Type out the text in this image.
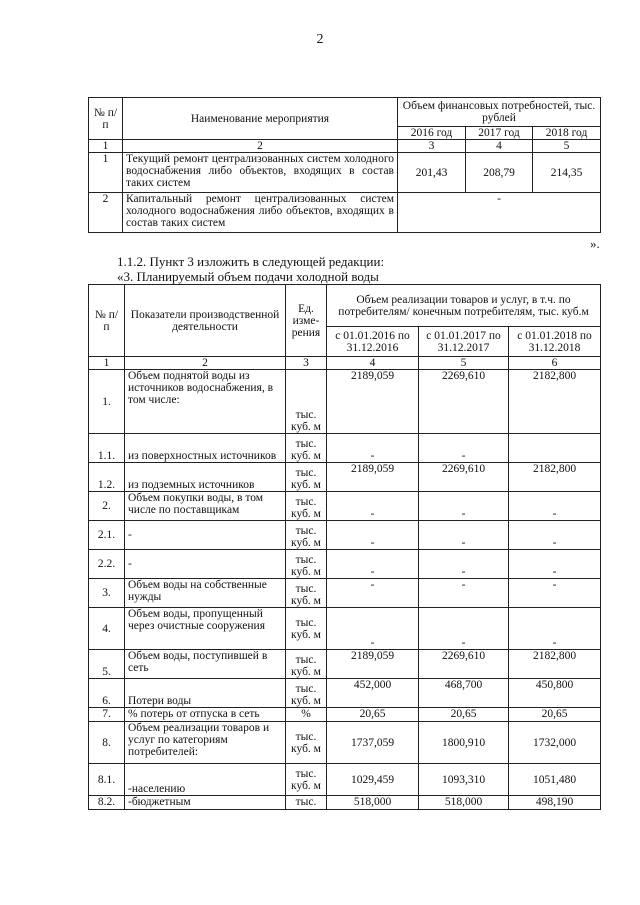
2
№ п/п	Наименование мероприятия	Объем финансовых потребностей, тыс. рублей		
		2016 год	2017 год	2018 год
1	2	3	4	5
1	Текущий ремонт централизованных систем холодного водоснабжения либо объектов, входящих в состав таких систем	201,43	208,79	214,35
2	Капитальный ремонт централизованных систем холодного водоснабжения либо объектов, входящих в состав таких систем	-		
».
1.1.2. Пункт 3 изложить в следующей редакции:
«3. Планируемый объем подачи холодной воды
№ п/п	Показатели производственной деятельности	Ед. изме-рения	Объем реализации товаров и услуг, в т.ч. по потребителям/ конечным потребителям, тыс. куб.м		
			с 01.01.2016 по 31.12.2016	с 01.01.2017 по 31.12.2017	с 01.01.2018 по 31.12.2018
1	2	3	4	5	6
1.	Объем поднятой воды из источников водоснабжения, в том числе:	тыс. куб. м	2189,059	2269,610	2182,800
1.1.	из поверхностных источников	тыс. куб. м	-	-	
1.2.	из подземных источников	тыс. куб. м	2189,059	2269,610	2182,800
2.	Объем покупки воды, в том числе по поставщикам	тыс. куб. м	-	-	-
2.1.	-	тыс. куб. м	-	-	-
2.2.	-	тыс. куб. м	-	-	-
3.	Объем воды на собственные нужды	тыс. куб. м	-	-	-
4.	Объем воды, пропущенный через очистные сооружения	тыс. куб. м	-	-	-
5.	Объем воды, поступившей в сеть	тыс. куб. м	2189,059	2269,610	2182,800
6.	Потери воды	тыс. куб. м	452,000	468,700	450,800
7.	% потерь от отпуска в сеть	%	20,65	20,65	20,65
8.	Объем реализации товаров и услуг по категориям потребителей:	тыс. куб. м	1737,059	1800,910	1732,000
8.1.	-населению	тыс. куб. м	1029,459	1093,310	1051,480
8.2.	-бюджетным	тыс.	518,000	518,000	498,190
